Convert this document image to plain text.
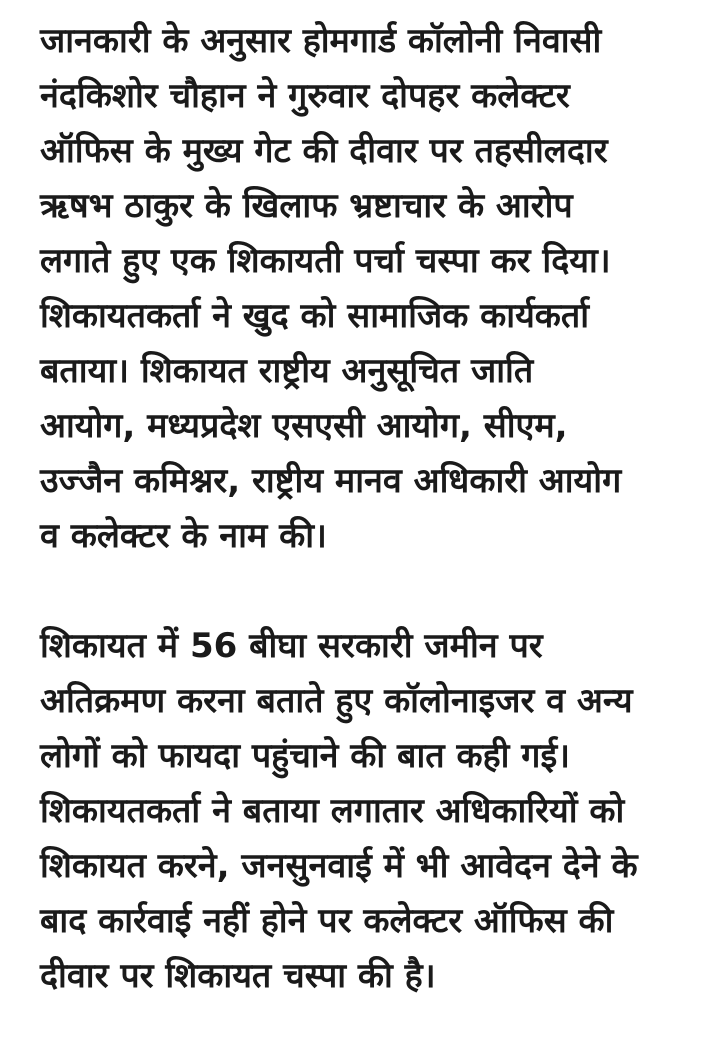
जानकारी के अनुसार होमगार्ड कॉलोनी निवासी
नंदकिशोर चौहान ने गुरुवार दोपहर कलेक्टर
ऑफिस के मुख्य गेट की दीवार पर तहसीलदार
ऋषभ ठाकुर के खिलाफ भ्रष्टाचार के आरोप
लगाते हुए एक शिकायती पर्चा चस्पा कर दिया।
शिकायतकर्ता ने खुद को सामाजिक कार्यकर्ता
बताया। शिकायत राष्ट्रीय अनुसूचित जाति
आयोग, मध्यप्रदेश एसएसी आयोग, सीएम,
उज्जैन कमिश्नर, राष्ट्रीय मानव अधिकारी आयोग
व कलेक्टर के नाम की।
शिकायत में 56 बीघा सरकारी जमीन पर
अतिक्रमण करना बताते हुए कॉलोनाइजर व अन्य
लोगों को फायदा पहुंचाने की बात कही गई।
शिकायतकर्ता ने बताया लगातार अधिकारियों को
शिकायत करने, जनसुनवाई में भी आवेदन देने के
बाद कार्रवाई नहीं होने पर कलेक्टर ऑफिस की
दीवार पर शिकायत चस्पा की है।
